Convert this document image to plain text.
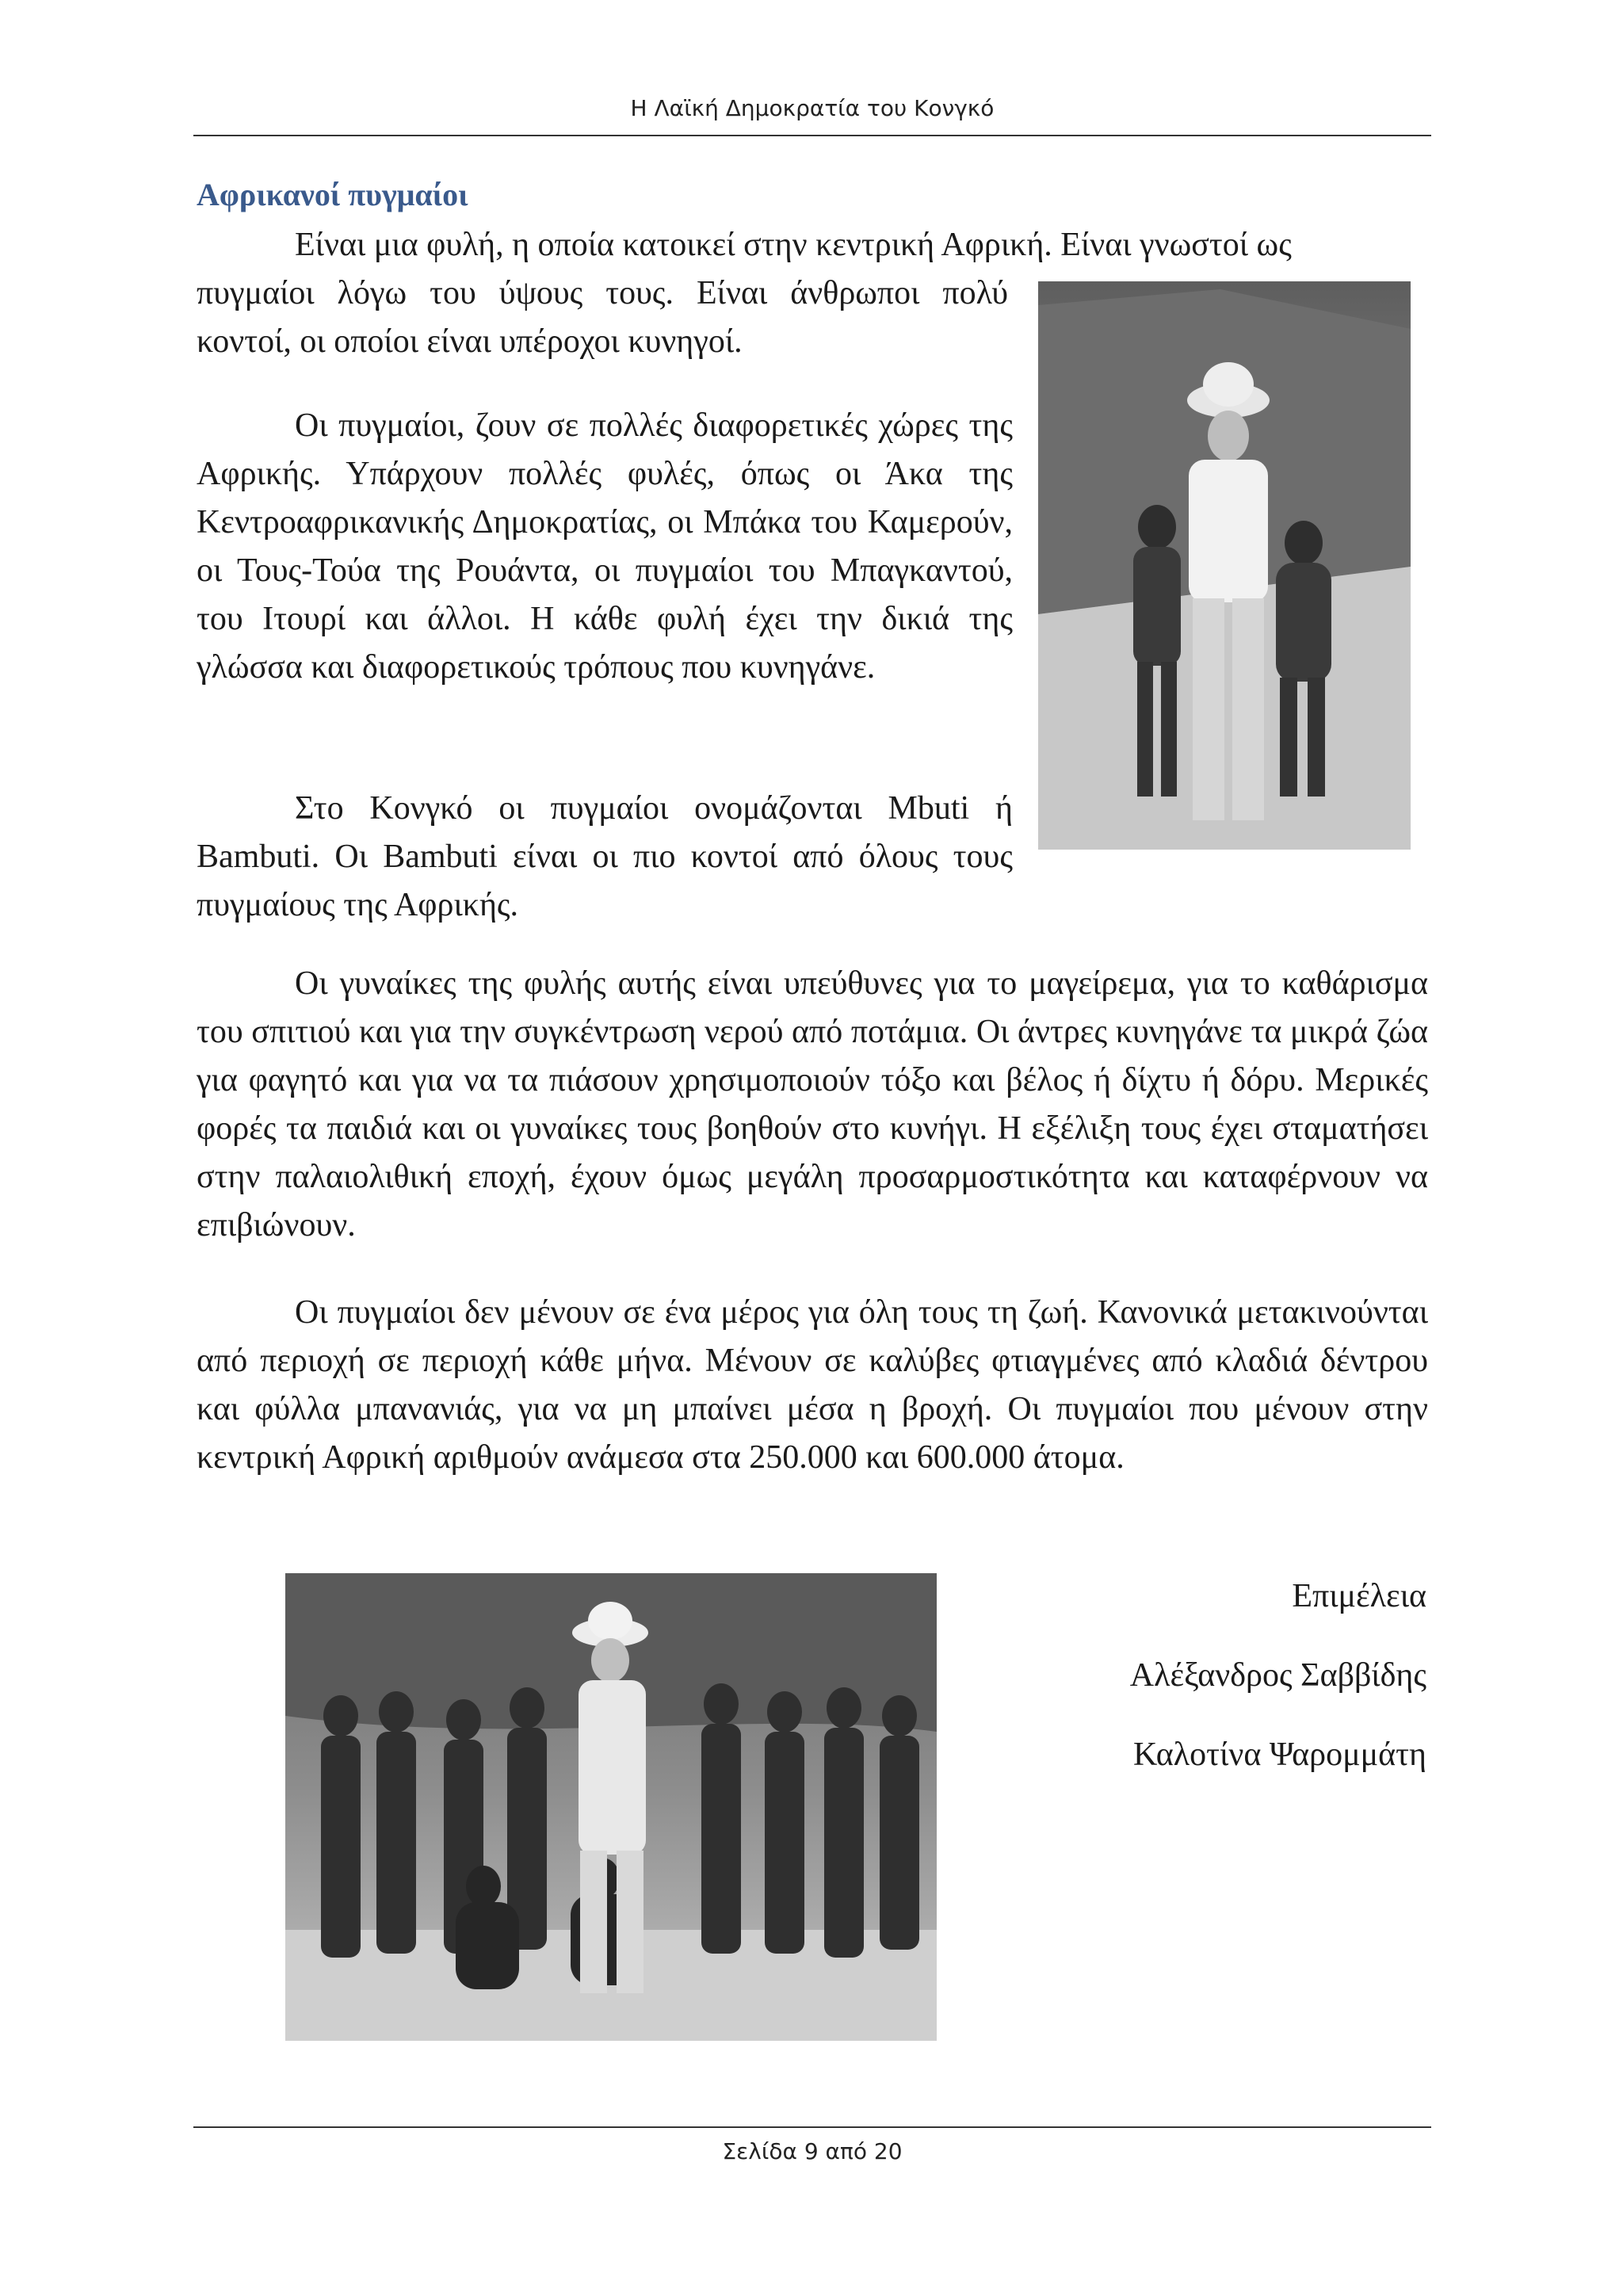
Η Λαϊκή Δημοκρατία του Κονγκό
Αφρικανοί πυγμαίοι
Είναι μια φυλή, η οποία κατοικεί στην κεντρική Αφρική. Είναι γνωστοί ως
πυγμαίοι λόγω του ύψους τους. Είναι άνθρωποι πολύ κοντοί, οι οποίοι είναι υπέροχοι κυνηγοί.
Οι πυγμαίοι, ζουν σε πολλές διαφορετικές χώρες της Αφρικής. Υπάρχουν πολλές φυλές, όπως οι Άκα της Κεντροαφρικανικής Δημοκρατίας, οι Μπάκα του Καμερούν, οι Τους-Τούα της Ρουάντα, οι πυγμαίοι του Μπαγκαντού, του Ιτουρί και άλλοι. Η κάθε φυλή έχει την δικιά της γλώσσα και διαφορετικούς τρόπους που κυνηγάνε.
Στο Κονγκό οι πυγμαίοι ονομάζονται Mbuti ή Bambuti. Οι Bambuti είναι οι πιο κοντοί από όλους τους πυγμαίους της Αφρικής.
Οι γυναίκες της φυλής αυτής είναι υπεύθυνες για το μαγείρεμα, για το καθάρισμα του σπιτιού και για την συγκέντρωση νερού από ποτάμια. Οι άντρες κυνηγάνε τα μικρά ζώα για φαγητό και για να τα πιάσουν χρησιμοποιούν τόξο και βέλος ή δίχτυ ή δόρυ. Μερικές φορές τα παιδιά και οι γυναίκες τους βοηθούν στο κυνήγι. Η εξέλιξη τους έχει σταματήσει στην παλαιολιθική εποχή, έχουν όμως μεγάλη προσαρμοστικότητα και καταφέρνουν να επιβιώνουν.
Οι πυγμαίοι δεν μένουν σε ένα μέρος για όλη τους τη ζωή. Κανονικά μετακινούνται από περιοχή σε περιοχή κάθε μήνα. Μένουν σε καλύβες φτιαγμένες από κλαδιά δέντρου και φύλλα μπανανιάς, για να μη μπαίνει μέσα η βροχή. Οι πυγμαίοι που μένουν στην κεντρική Αφρική αριθμούν ανάμεσα στα 250.000 και 600.000 άτομα.
Επιμέλεια
Αλέξανδρος Σαββίδης
Καλοτίνα Ψαρομμάτη
Σελίδα 9 από 20
